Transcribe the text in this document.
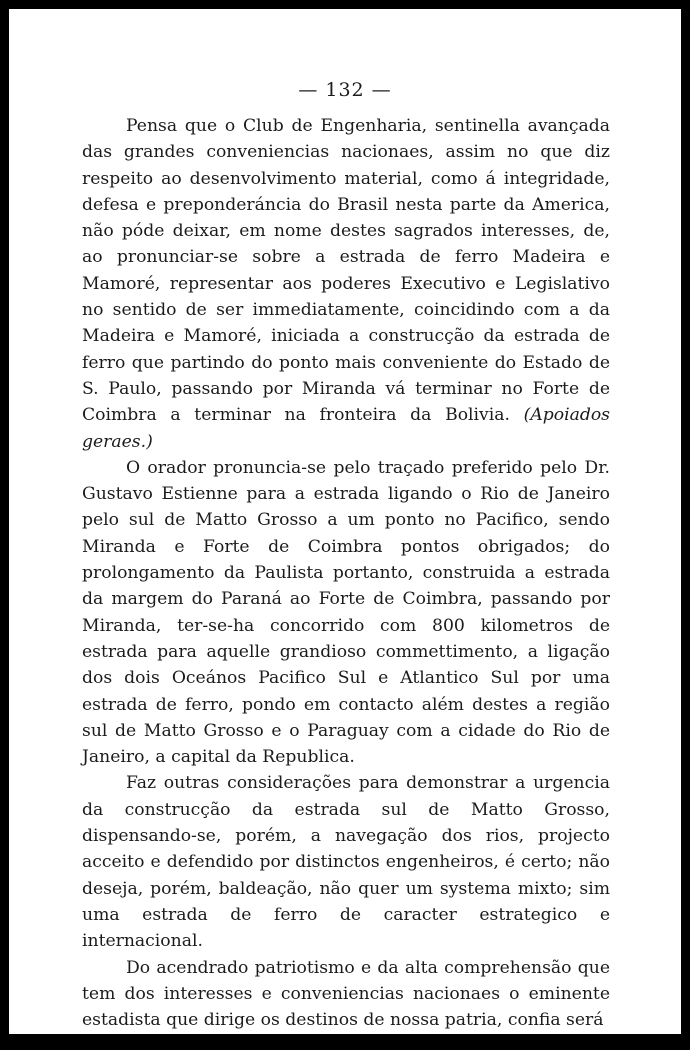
— 132 —

Pensa que o Club de Engenharia, sentinella avançada das grandes conveniencias nacionaes, assim no que diz respeito ao desenvolvimento material, como á integridade, defesa e preponderáncia do Brasil nesta parte da America, não póde deixar, em nome destes sagrados interesses, de, ao pronunciar-se sobre a estrada de ferro Madeira e Mamoré, representar aos poderes Executivo e Legislativo no sentido de ser immediatamente, coincidindo com a da Madeira e Mamoré, iniciada a construcção da estrada de ferro que partindo do ponto mais conveniente do Estado de S. Paulo, passando por Miranda vá terminar no Forte de Coimbra a terminar na fronteira da Bolivia. (Apoiados geraes.)

O orador pronuncia-se pelo traçado preferido pelo Dr. Gustavo Estienne para a estrada ligando o Rio de Janeiro pelo sul de Matto Grosso a um ponto no Pacifico, sendo Miranda e Forte de Coimbra pontos obrigados; do prolongamento da Paulista portanto, construida a estrada da margem do Paraná ao Forte de Coimbra, passando por Miranda, ter-se-ha concorrido com 800 kilometros de estrada para aquelle grandioso commettimento, a ligação dos dois Oceános Pacifico Sul e Atlantico Sul por uma estrada de ferro, pondo em contacto além destes a região sul de Matto Grosso e o Paraguay com a cidade do Rio de Janeiro, a capital da Republica.

Faz outras considerações para demonstrar a urgencia da construcção da estrada sul de Matto Grosso, dispensando-se, porém, a navegação dos rios, projecto acceito e defendido por distinctos engenheiros, é certo; não deseja, porém, baldeação, não quer um systema mixto; sim uma estrada de ferro de caracter estrategico e internacional.

Do acendrado patriotismo e da alta comprehensão que tem dos interesses e conveniencias nacionaes o eminente estadista que dirige os destinos de nossa patria, confia será
